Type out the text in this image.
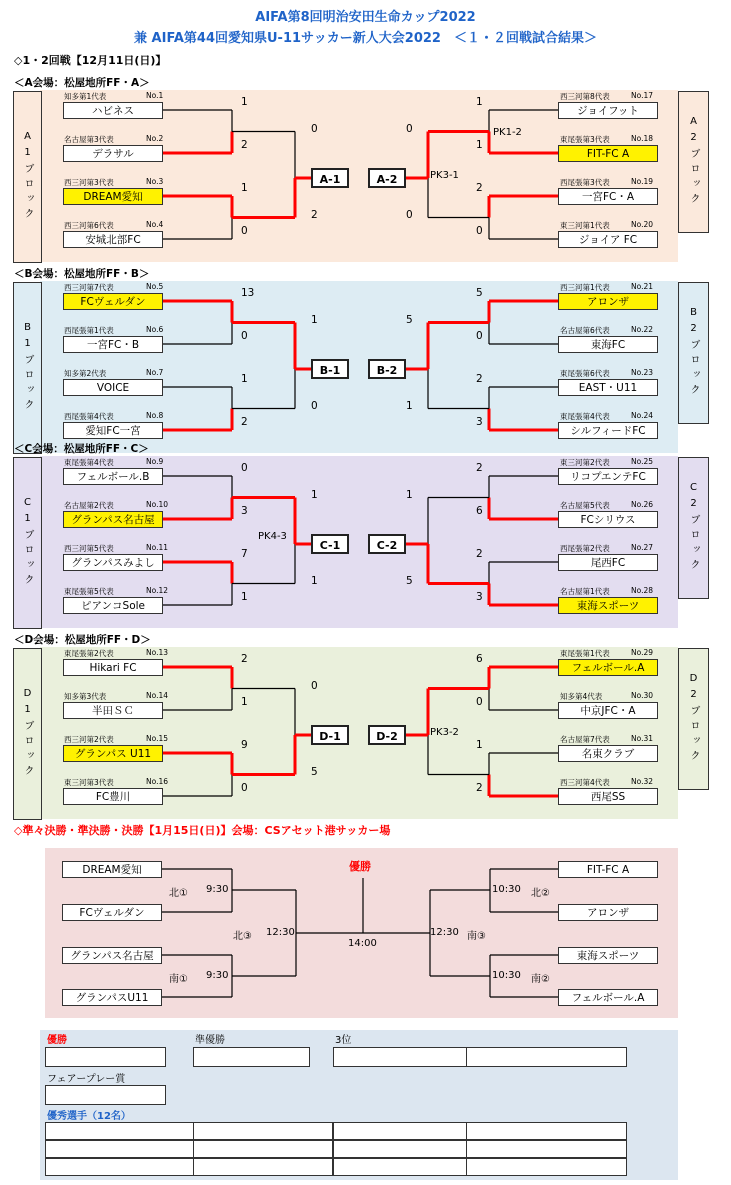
AIFA第8回明治安田生命カップ2022
兼 AIFA第44回愛知県U-11サッカー新人大会2022　＜１・２回戦試合結果＞
◇1・2回戦【12月11日(日)】
＜A会場：松屋地所FF・A＞
A1ブロック	A2ブロック
知多第1代表	No.1
ハビネス
1
名古屋第3代表	No.2
デラサル
2
西三河第3代表	No.3
DREAM愛知
1
西三河第6代表	No.4
安城北部FC
0
西三河第8代表	No.17
ジョイフット
1
東尾張第3代表	No.18
FIT-FC A
1
西尾張第3代表	No.19
一宮FC・A
2
東三河第1代表	No.20
ジョイア FC
0
0
2
0
0
PK1-2
PK3-1
A-1	A-2
＜B会場：松屋地所FF・B＞
B1ブロック	B2ブロック
西三河第7代表	No.5
FCヴェルダン
13
西尾張第1代表	No.6
一宮FC・B
0
知多第2代表	No.7
VOICE
1
西尾張第4代表	No.8
愛知FC一宮
2
西三河第1代表	No.21
アロンザ
5
名古屋第6代表	No.22
東海FC
0
東尾張第6代表	No.23
EAST・U11
2
東尾張第4代表	No.24
シルフィードFC
3
1
0
5
1
B-1	B-2
＜C会場：松屋地所FF・C＞
C1ブロック	C2ブロック
東尾張第4代表	No.9
フェルボール.B
0
名古屋第2代表	No.10
グランパス名古屋
3
西三河第5代表	No.11
グランパスみよし
7
東尾張第5代表	No.12
ピアンコSole
1
東三河第2代表	No.25
リコプエンテFC
2
名古屋第5代表	No.26
FCシリウス
6
西尾張第2代表	No.27
尾西FC
2
名古屋第1代表	No.28
東海スポーツ
3
1
1
1
5
PK4-3
C-1	C-2
＜D会場：松屋地所FF・D＞
D1ブロック	D2ブロック
東尾張第2代表	No.13
Hikari FC
2
知多第3代表	No.14
半田ＳＣ
1
西三河第2代表	No.15
グランパス U11
9
東三河第3代表	No.16
FC豊川
0
東尾張第1代表	No.29
フェルボール.A
6
知多第4代表	No.30
中京JFC・A
0
名古屋第7代表	No.31
名東クラブ
1
西三河第4代表	No.32
西尾SS
2
0
5
PK3-2
D-1	D-2
◇準々決勝・準決勝・決勝【1月15日(日)】会場：CSアセット港サッカー場
DREAM愛知
FCヴェルダン
グランパス名古屋
グランパスU11
FIT-FC A
アロンザ
東海スポーツ
フェルボール.A
北① 9:30
南① 9:30
北③ 12:30	南③
12:30
北②
10:30
南②
10:30
優勝
14:00
優勝	準優勝	3位
フェアープレー賞
優秀選手（12名）
